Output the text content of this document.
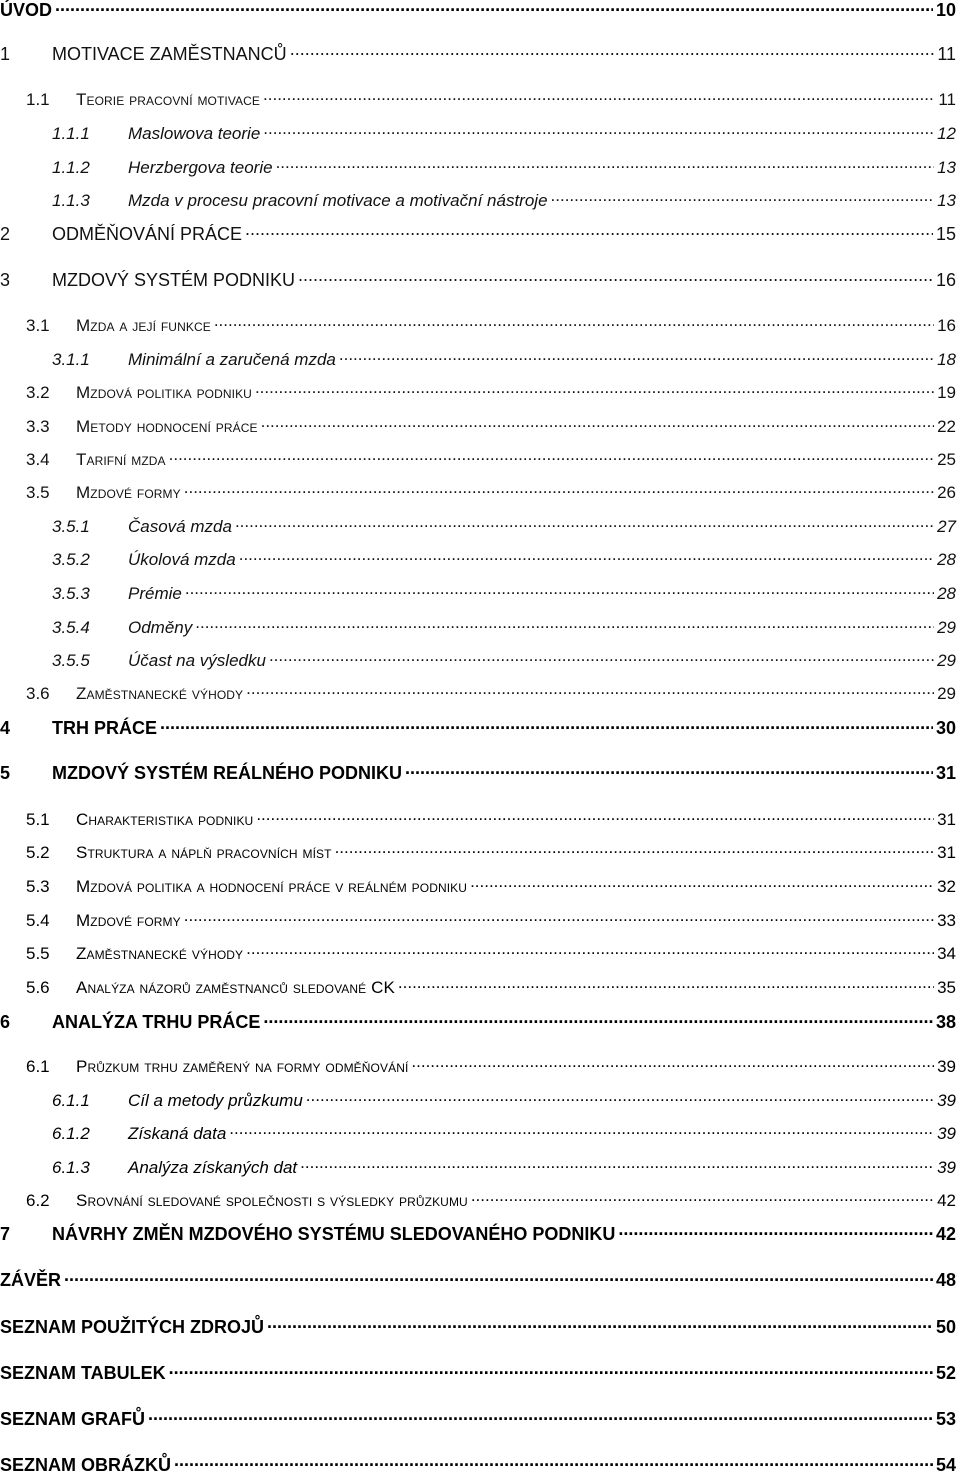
ÚVOD .....	10
1	MOTIVACE ZAMĚSTNANCŮ .....	11
1.1	Teorie pracovní motivace .....	11
1.1.1	Maslowova teorie .....	12
1.1.2	Herzbergova teorie .....	13
1.1.3	Mzda v procesu pracovní motivace a motivační nástroje .....	13
2	ODMĚŇOVÁNÍ PRÁCE .....	15
3	MZDOVÝ SYSTÉM PODNIKU .....	16
3.1	Mzda a její funkce .....	16
3.1.1	Minimální a zaručená mzda .....	18
3.2	Mzdová politika podniku .....	19
3.3	Metody hodnocení práce .....	22
3.4	Tarifní mzda .....	25
3.5	Mzdové formy .....	26
3.5.1	Časová mzda .....	27
3.5.2	Úkolová mzda .....	28
3.5.3	Prémie .....	28
3.5.4	Odměny .....	29
3.5.5	Účast na výsledku .....	29
3.6	Zaměstnanecké výhody .....	29
4	TRH PRÁCE .....	30
5	MZDOVÝ SYSTÉM REÁLNÉHO PODNIKU .....	31
5.1	Charakteristika podniku .....	31
5.2	Struktura a náplň pracovních míst .....	31
5.3	Mzdová politika a hodnocení práce v reálném podniku .....	32
5.4	Mzdové formy .....	33
5.5	Zaměstnanecké výhody .....	34
5.6	Analýza názorů zaměstnanců sledované CK .....	35
6	ANALÝZA TRHU PRÁCE .....	38
6.1	Průzkum trhu zaměřený na formy odměňování .....	39
6.1.1	Cíl a metody průzkumu .....	39
6.1.2	Získaná data .....	39
6.1.3	Analýza získaných dat .....	39
6.2	Srovnání sledované společnosti s výsledky průzkumu .....	42
7	NÁVRHY ZMĚN MZDOVÉHO SYSTÉMU SLEDOVANÉHO PODNIKU .....	42
ZÁVĚR .....	48
SEZNAM POUŽITÝCH ZDROJŮ .....	50
SEZNAM TABULEK .....	52
SEZNAM GRAFŮ .....	53
SEZNAM OBRÁZKŮ .....	54
